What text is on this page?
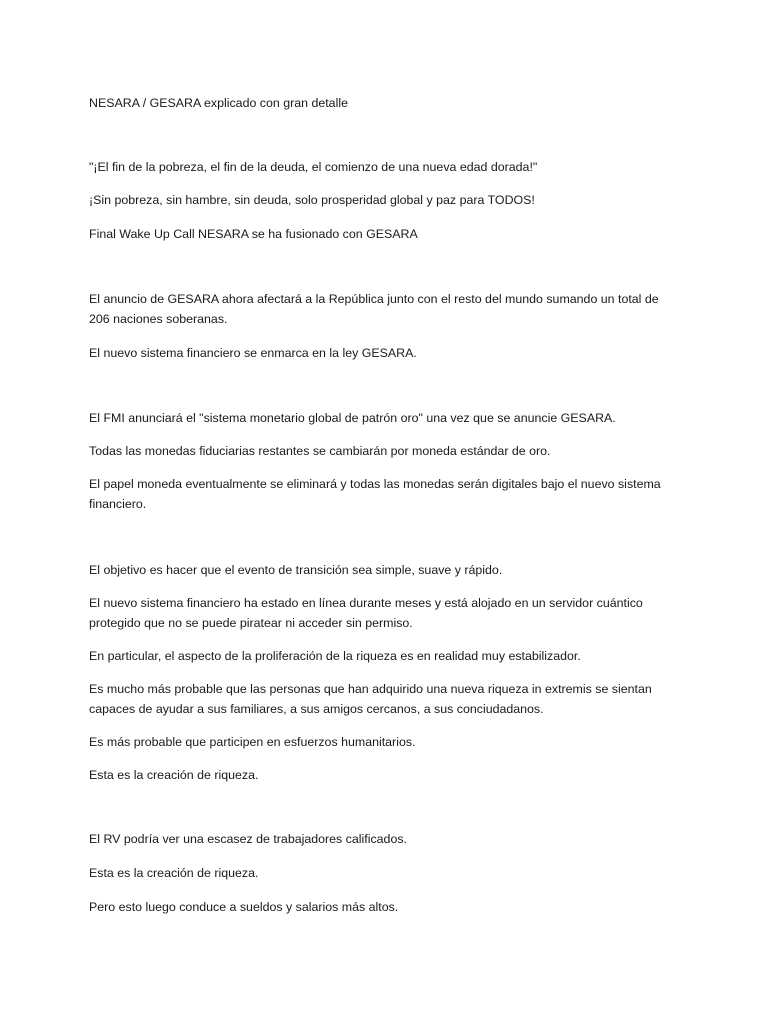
NESARA / GESARA explicado con gran detalle
"¡El fin de la pobreza, el fin de la deuda, el comienzo de una nueva edad dorada!"
¡Sin pobreza, sin hambre, sin deuda, solo prosperidad global y paz para TODOS!
Final Wake Up Call NESARA se ha fusionado con GESARA
El anuncio de GESARA ahora afectará a la República junto con el resto del mundo sumando un total de 206 naciones soberanas.
El nuevo sistema financiero se enmarca en la ley GESARA.
El FMI anunciará el "sistema monetario global de patrón oro" una vez que se anuncie GESARA.
Todas las monedas fiduciarias restantes se cambiarán por moneda estándar de oro.
El papel moneda eventualmente se eliminará y todas las monedas serán digitales bajo el nuevo sistema financiero.
El objetivo es hacer que el evento de transición sea simple, suave y rápido.
El nuevo sistema financiero ha estado en línea durante meses y está alojado en un servidor cuántico protegido que no se puede piratear ni acceder sin permiso.
En particular, el aspecto de la proliferación de la riqueza es en realidad muy estabilizador.
Es mucho más probable que las personas que han adquirido una nueva riqueza in extremis se sientan capaces de ayudar a sus familiares, a sus amigos cercanos, a sus conciudadanos.
Es más probable que participen en esfuerzos humanitarios.
Esta es la creación de riqueza.
El RV podría ver una escasez de trabajadores calificados.
Esta es la creación de riqueza.
Pero esto luego conduce a sueldos y salarios más altos.
